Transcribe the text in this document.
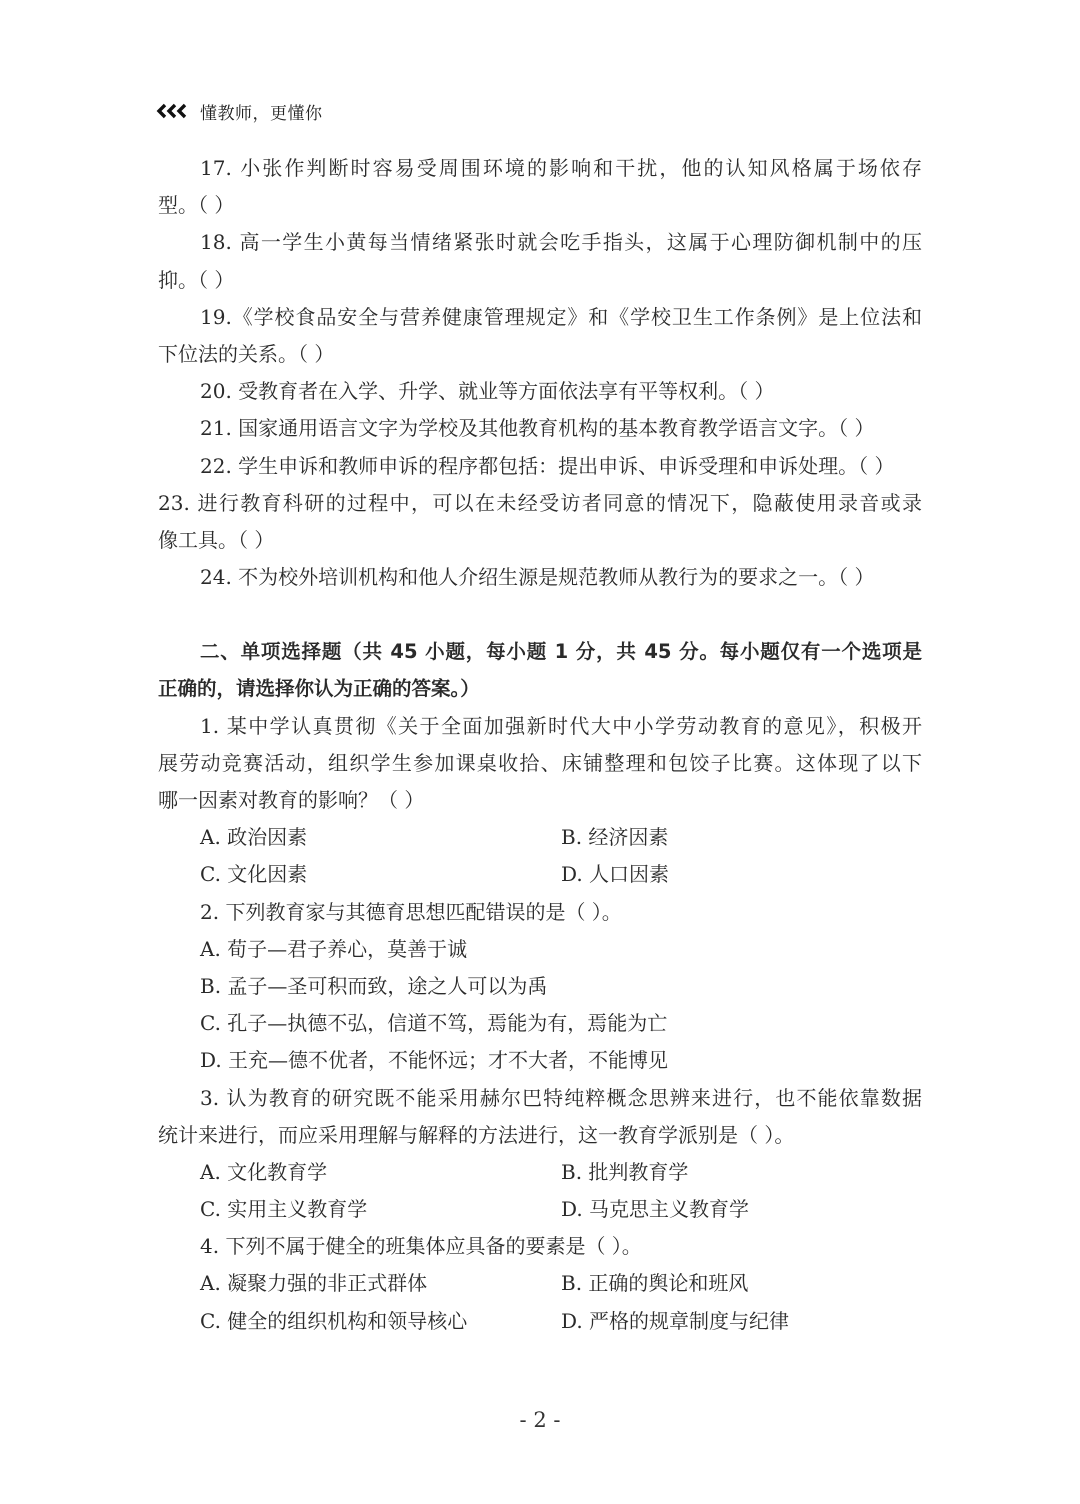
懂教师，更懂你
17. 小张作判断时容易受周围环境的影响和干扰，他的认知风格属于场依存
型。（ ）
18. 高一学生小黄每当情绪紧张时就会吃手指头，这属于心理防御机制中的压
抑。（ ）
19.《学校食品安全与营养健康管理规定》和《学校卫生工作条例》是上位法和
下位法的关系。（ ）
20. 受教育者在入学、升学、就业等方面依法享有平等权利。（ ）
21. 国家通用语言文字为学校及其他教育机构的基本教育教学语言文字。（ ）
22. 学生申诉和教师申诉的程序都包括：提出申诉、申诉受理和申诉处理。（ ）
23. 进行教育科研的过程中，可以在未经受访者同意的情况下，隐蔽使用录音或录
像工具。（ ）
24. 不为校外培训机构和他人介绍生源是规范教师从教行为的要求之一。（ ）
二、单项选择题（共 45 小题，每小题 1 分，共 45 分。每小题仅有一个选项是
正确的，请选择你认为正确的答案。）
1. 某中学认真贯彻《关于全面加强新时代大中小学劳动教育的意见》，积极开
展劳动竞赛活动，组织学生参加课桌收拾、床铺整理和包饺子比赛。这体现了以下
哪一因素对教育的影响？（ ）
A. 政治因素	B. 经济因素
C. 文化因素	D. 人口因素
2. 下列教育家与其德育思想匹配错误的是（ ）。
A. 荀子—君子养心，莫善于诚
B. 孟子—圣可积而致，途之人可以为禹
C. 孔子—执德不弘，信道不笃，焉能为有，焉能为亡
D. 王充—德不优者，不能怀远；才不大者，不能博见
3. 认为教育的研究既不能采用赫尔巴特纯粹概念思辨来进行，也不能依靠数据
统计来进行，而应采用理解与解释的方法进行，这一教育学派别是（ ）。
A. 文化教育学	B. 批判教育学
C. 实用主义教育学	D. 马克思主义教育学
4. 下列不属于健全的班集体应具备的要素是（ ）。
A. 凝聚力强的非正式群体	B. 正确的舆论和班风
C. 健全的组织机构和领导核心	D. 严格的规章制度与纪律
- 2 -
